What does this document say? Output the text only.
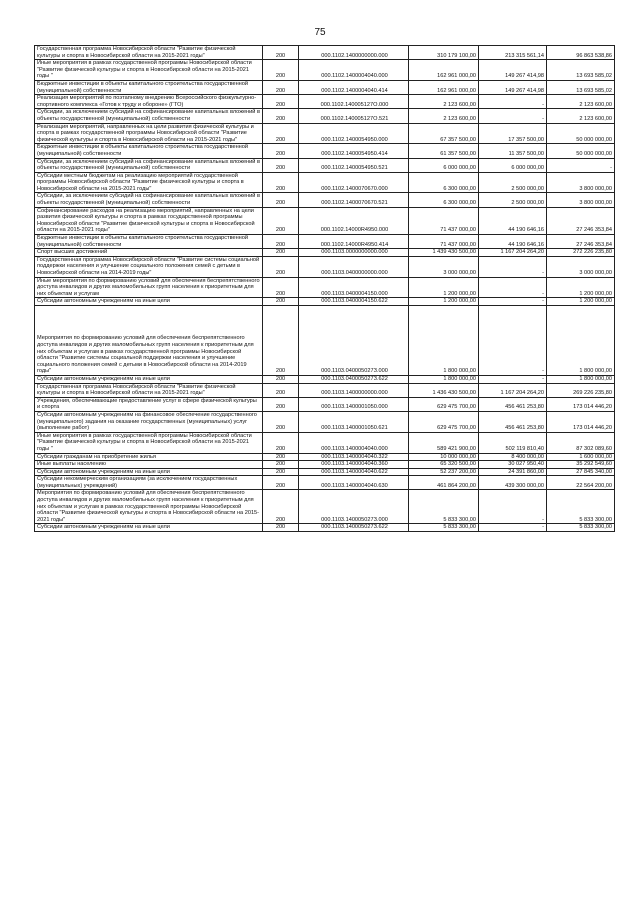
75
Государственная программа Новосибирской области "Развитие физической культуры и спорта в Новосибирской области на 2015-2021 годы"	200	000.1102.1400000000.000	310 179 100,00	213 315 561,14	96 863 538,86
Иные мероприятия в рамках государственной программы Новосибирской области "Развитие физической культуры и спорта в Новосибирской области на 2015-2021 годы "	200	000.1102.1400004040.000	162 961 000,00	149 267 414,98	13 693 585,02
Бюджетные инвестиции в объекты капитального строительства государственной (муниципальной) собственности	200	000.1102.1400004040.414	162 961 000,00	149 267 414,98	13 693 585,02
Реализация мероприятий по поэтапному внедрению Всероссийского физкультурно-спортивного комплекса «Готов к труду и обороне» (ГТО)	200	000.1102.140005127О.000	2 123 600,00	-	2 123 600,00
Субсидии, за исключением субсидий на софинансирование капитальных вложений в объекты государственной (муниципальной) собственности	200	000.1102.140005127О.521	2 123 600,00	-	2 123 600,00
Реализация мероприятий, направленных на цели развития физической культуры и спорта в рамках государственной программы Новосибирской области "Развитие физической культуры и спорта в Новосибирской области на 2015-2021 годы"	200	000.1102.1400054950.000	67 357 500,00	17 357 500,00	50 000 000,00
Бюджетные инвестиции в объекты капитального строительства государственной (муниципальной) собственности	200	000.1102.1400054950.414	61 357 500,00	11 357 500,00	50 000 000,00
Субсидии, за исключением субсидий на софинансирование капитальных вложений в объекты государственной (муниципальной) собственности	200	000.1102.1400054950.521	6 000 000,00	6 000 000,00	-
Субсидии местным бюджетам на реализацию мероприятий государственной программы Новосибирской области "Развитие физической культуры и спорта в Новосибирской области на 2015-2021 годы"	200	000.1102.1400070670.000	6 300 000,00	2 500 000,00	3 800 000,00
Субсидии, за исключением субсидий на софинансирование капитальных вложений в объекты государственной (муниципальной) собственности	200	000.1102.1400070670.521	6 300 000,00	2 500 000,00	3 800 000,00
Софинансирование расходов на реализацию мероприятий, направленных на цели развития физической культуры и спорта в рамках государственной программы Новосибирской области "Развитие физической культуры и спорта в Новосибирской области на 2015-2021 годы"	200	000.1102.14000R4950.000	71 437 000,00	44 190 646,16	27 246 353,84
Бюджетные инвестиции в объекты капитального строительства государственной (муниципальной) собственности	200	000.1102.14000R4950.414	71 437 000,00	44 190 646,16	27 246 353,84
Спорт высших достижений	200	000.1103.0000000000.000	1 439 430 500,00	1 167 204 264,20	272 226 235,80
Государственная программа Новосибирской области "Развитие системы социальной поддержки населения и улучшение социального положения семей с детьми в Новосибирской области на 2014-2019 годы"	200	000.1103.0400000000.000	3 000 000,00	-	3 000 000,00
Иные мероприятия по формированию условий для обеспечения беспрепятственного доступа инвалидов и других маломобильных групп населения к приоритетным для них объектам и услугам	200	000.1103.0400004150.000	1 200 000,00	-	1 200 000,00
Субсидии автономным учреждениям на иные цели	200	000.1103.0400004150.622	1 200 000,00	-	1 200 000,00
Мероприятия по формированию условий для обеспечения беспрепятственного доступа инвалидов и других маломобильных групп населения к приоритетным для них объектам и услугам в рамках государственной программы Новосибирской области "Развитие системы социальной поддержки населения и улучшение социального положения семей с детьми в Новосибирской области на 2014-2019 годы"	200	000.1103.040005027З.000	1 800 000,00	-	1 800 000,00
Субсидии автономным учреждениям на иные цели	200	000.1103.040005027З.622	1 800 000,00	-	1 800 000,00
Государственная программа Новосибирской области "Развитие физической культуры и спорта в Новосибирской области на 2015-2021 годы"	200	000.1103.1400000000.000	1 436 430 500,00	1 167 204 264,20	269 226 235,80
Учреждения, обеспечивающие предоставление услуг в сфере физической культуры и спорта	200	000.1103.1400001050.000	629 475 700,00	456 461 253,80	173 014 446,20
Субсидии автономным учреждениям на финансовое обеспечение государственного (муниципального) задания на оказание государственных (муниципальных) услуг (выполнение работ)	200	000.1103.1400001050.621	629 475 700,00	456 461 253,80	173 014 446,20
Иные мероприятия в рамках государственной программы Новосибирской области "Развитие физической культуры и спорта в Новосибирской области на 2015-2021 годы "	200	000.1103.1400004040.000	589 421 900,00	502 119 810,40	87 302 089,60
Субсидии гражданам на приобретение жилья	200	000.1103.1400004040.322	10 000 000,00	8 400 000,00	1 600 000,00
Иные выплаты населению	200	000.1103.1400004040.360	65 320 500,00	30 027 950,40	35 292 549,60
Субсидии автономным учреждениям на иные цели	200	000.1103.1400004040.622	52 237 200,00	24 391 860,00	27 845 340,00
Субсидии некоммерческим организациям (за исключением государственных (муниципальных) учреждений)	200	000.1103.1400004040.630	461 864 200,00	439 300 000,00	22 564 200,00
Мероприятия по формированию условий для обеспечения беспрепятственного доступа инвалидов и других маломобильных групп населения к приоритетным для них объектам и услугам в рамках государственной программы Новосибирской области "Развитие физической культуры и спорта в Новосибирской области на 2015-2021 годы"	200	000.1103.140005027З.000	5 833 300,00	-	5 833 300,00
Субсидии автономным учреждениям на иные цели	200	000.1103.140005027З.622	5 833 300,00	-	5 833 300,00
